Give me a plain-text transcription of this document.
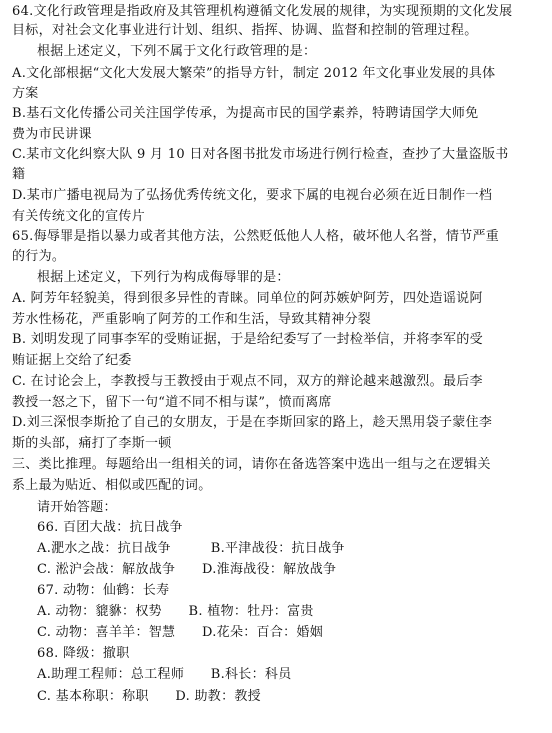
64.文化行政管理是指政府及其管理机构遵循文化发展的规律，为实现预期的文化发展
目标，对社会文化事业进行计划、组织、指挥、协调、监督和控制的管理过程。
根据上述定义，下列不属于文化行政管理的是：
A.文化部根据“文化大发展大繁荣”的指导方针，制定 2012 年文化事业发展的具体
方案
B.基石文化传播公司关注国学传承，为提高市民的国学素养，特聘请国学大师免
费为市民讲课
C.某市文化纠察大队 9 月 10 日对各图书批发市场进行例行检查，查抄了大量盗版书
籍
D.某市广播电视局为了弘扬优秀传统文化，要求下属的电视台必须在近日制作一档
有关传统文化的宣传片
65.侮辱罪是指以暴力或者其他方法，公然贬低他人人格，破坏他人名誉，情节严重
的行为。
根据上述定义，下列行为构成侮辱罪的是：
A. 阿芳年轻貌美，得到很多异性的青睐。同单位的阿苏嫉妒阿芳，四处造谣说阿
芳水性杨花，严重影响了阿芳的工作和生活，导致其精神分裂
B. 刘明发现了同事李军的受贿证据，于是给纪委写了一封检举信，并将李军的受
贿证据上交给了纪委
C. 在讨论会上，李教授与王教授由于观点不同，双方的辩论越来越激烈。最后李
教授一怒之下，留下一句“道不同不相与谋”，愤而离席
D.刘三深恨李斯抢了自己的女朋友，于是在李斯回家的路上，趁天黑用袋子蒙住李
斯的头部，痛打了李斯一顿
三、类比推理。每题给出一组相关的词，请你在备选答案中选出一组与之在逻辑关
系上最为贴近、相似或匹配的词。
请开始答题：
66. 百团大战：抗日战争
A.淝水之战：抗日战争　　　B.平津战役：抗日战争
C. 淞沪会战：解放战争　　D.淮海战役：解放战争
67. 动物：仙鹤：长寿
A. 动物：貔貅：权势　　B. 植物：牡丹：富贵
C. 动物：喜羊羊：智慧　　D.花朵：百合：婚姻
68. 降级：撤职
A.助理工程师：总工程师　　B.科长：科员
C. 基本称职：称职　　D. 助教：教授
